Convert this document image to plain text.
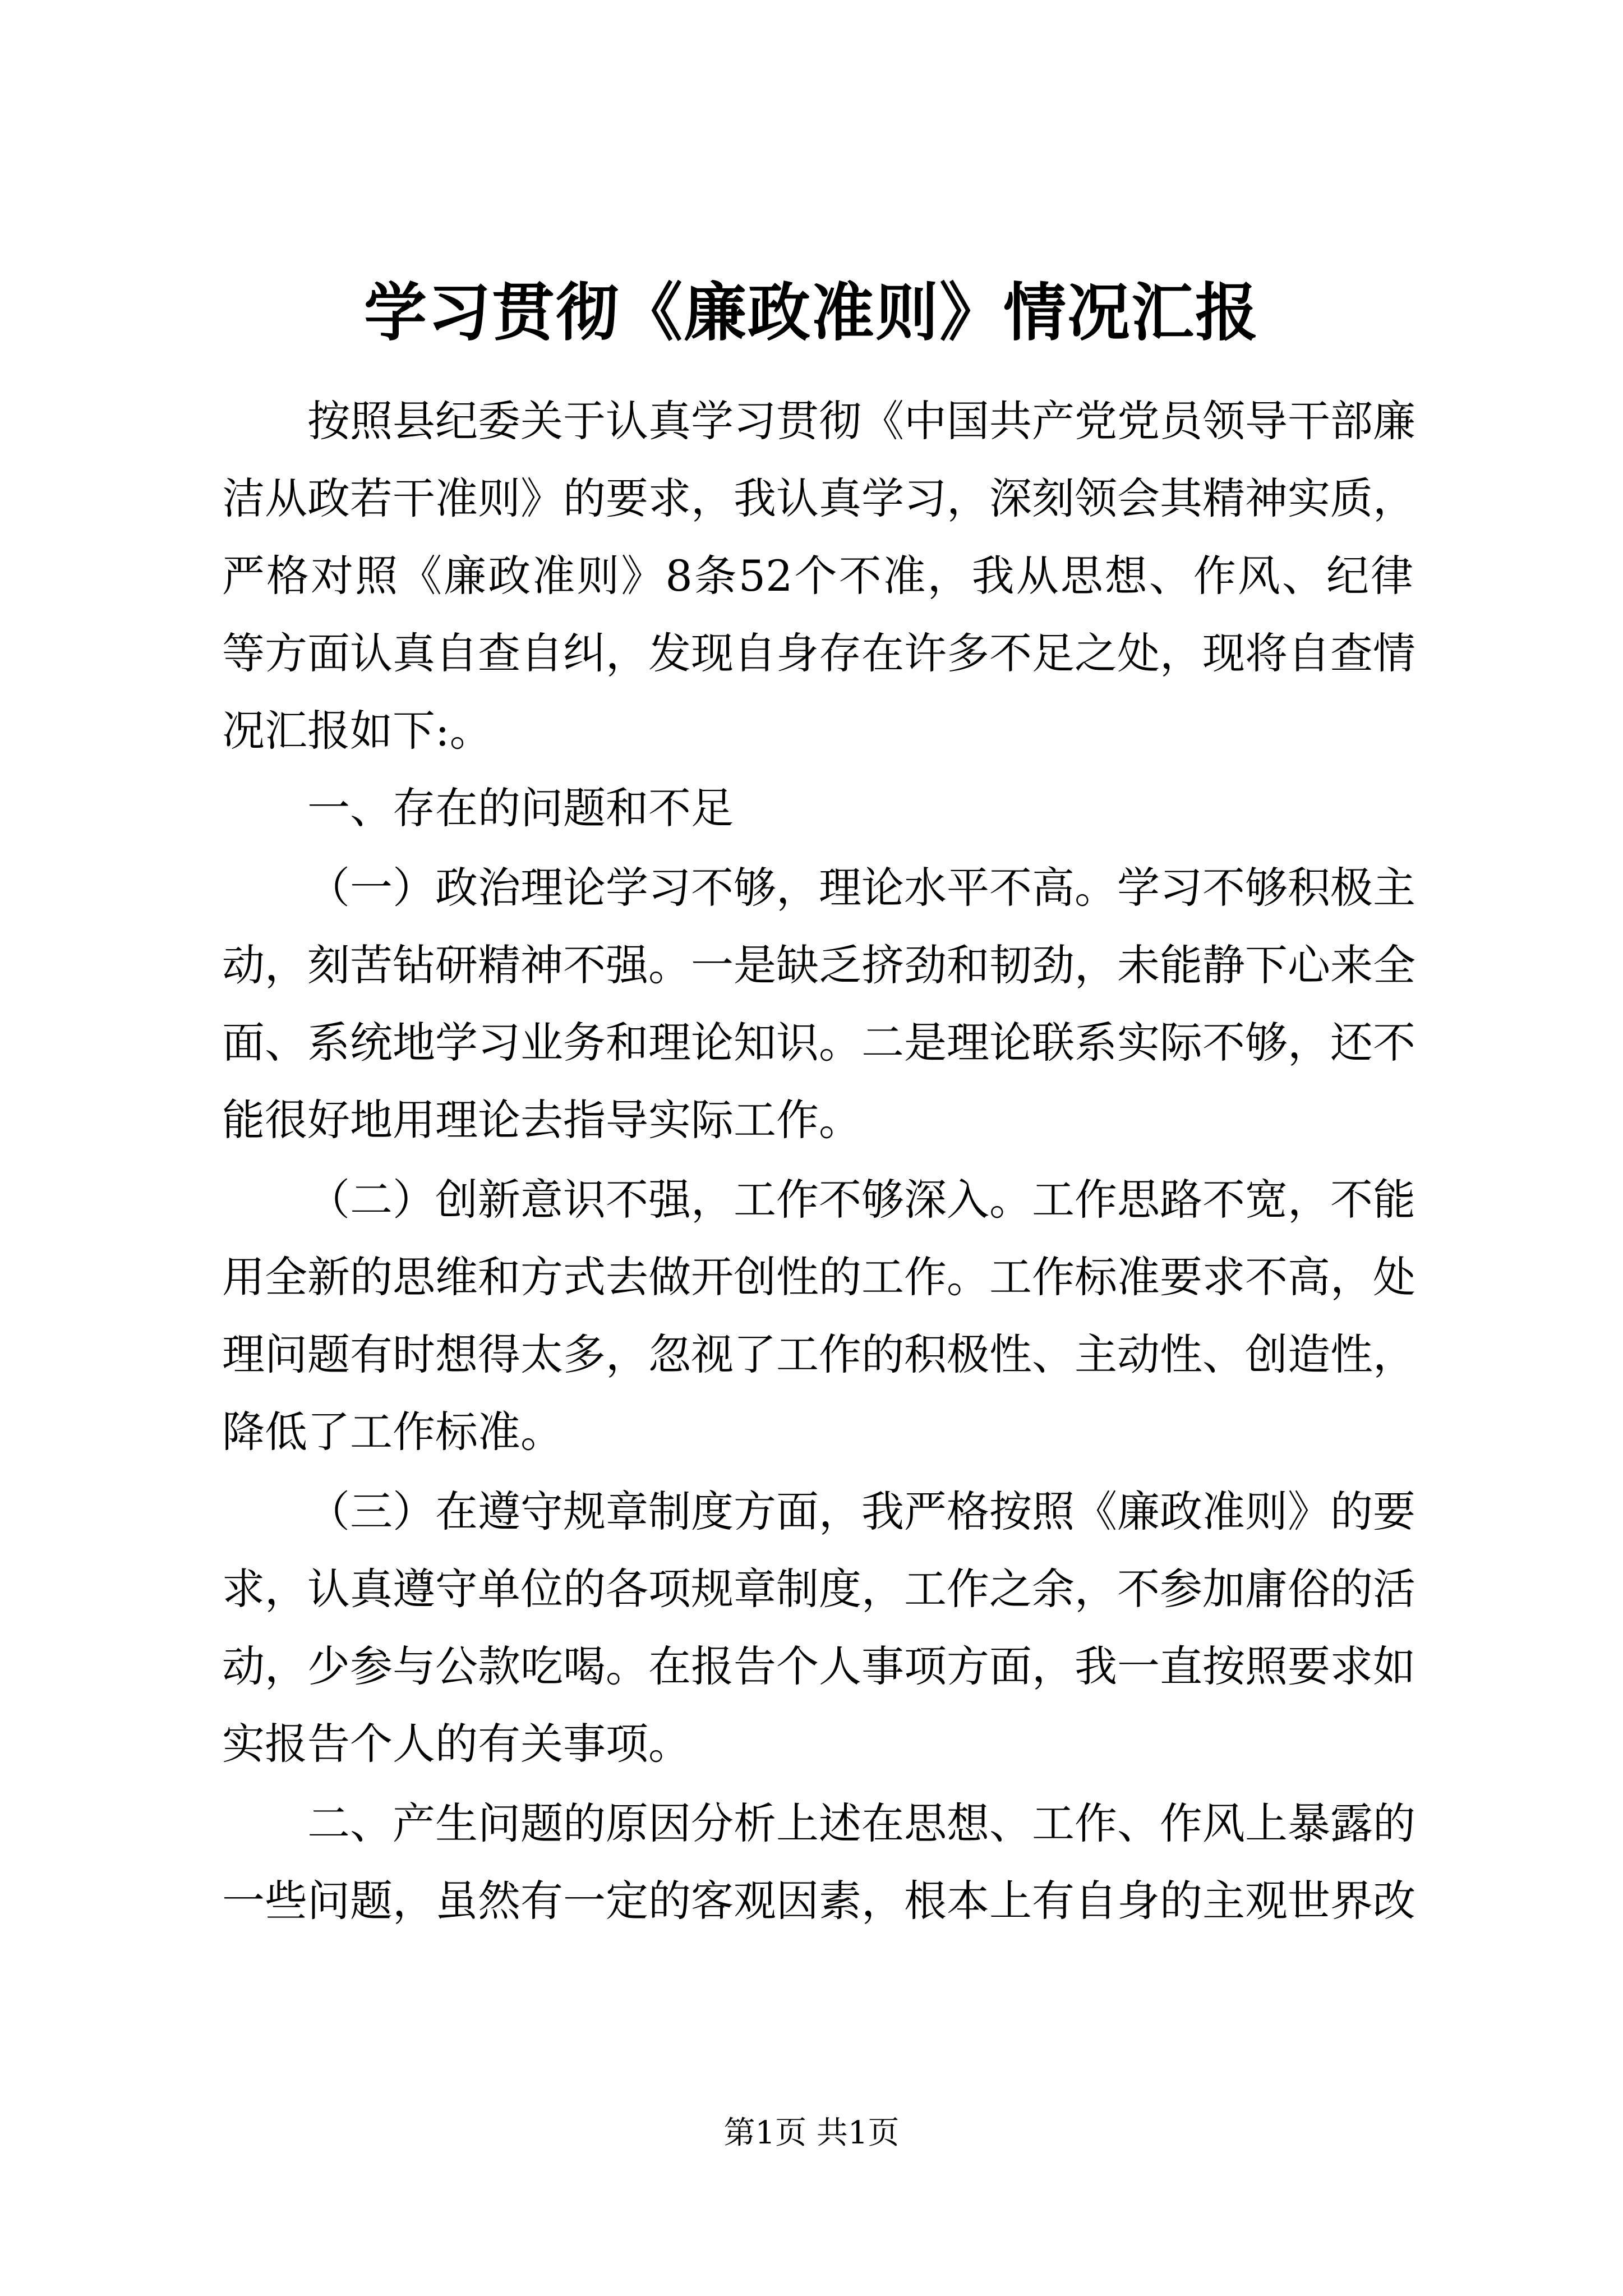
学习贯彻《廉政准则》情况汇报
按照县纪委关于认真学习贯彻《中国共产党党员领导干部廉
洁从政若干准则》的要求，我认真学习，深刻领会其精神实质，
严格对照《廉政准则》8条52个不准，我从思想、作风、纪律
等方面认真自查自纠，发现自身存在许多不足之处，现将自查情
况汇报如下:。
一、存在的问题和不足
（一）政治理论学习不够，理论水平不高。学习不够积极主
动，刻苦钻研精神不强。一是缺乏挤劲和韧劲，未能静下心来全
面、系统地学习业务和理论知识。二是理论联系实际不够，还不
能很好地用理论去指导实际工作。
（二）创新意识不强，工作不够深入。工作思路不宽，不能
用全新的思维和方式去做开创性的工作。工作标准要求不高，处
理问题有时想得太多，忽视了工作的积极性、主动性、创造性，
降低了工作标准。
（三）在遵守规章制度方面，我严格按照《廉政准则》的要
求，认真遵守单位的各项规章制度，工作之余，不参加庸俗的活
动，少参与公款吃喝。在报告个人事项方面，我一直按照要求如
实报告个人的有关事项。
二、产生问题的原因分析上述在思想、工作、作风上暴露的
一些问题，虽然有一定的客观因素，根本上有自身的主观世界改
第1页 共1页
